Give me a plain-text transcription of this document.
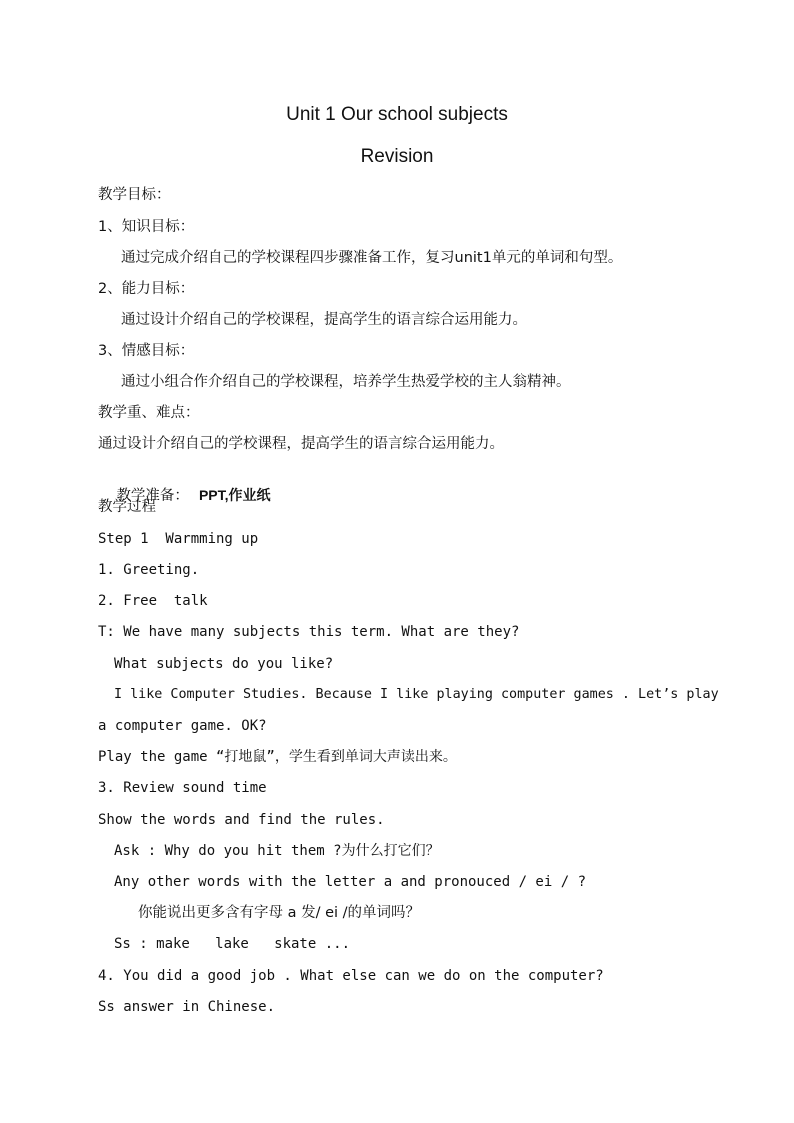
Unit 1 Our school subjects
Revision
教学目标：
1、知识目标：
通过完成介绍自己的学校课程四步骤准备工作，复习unit1单元的单词和句型。
2、能力目标：
通过设计介绍自己的学校课程，提高学生的语言综合运用能力。
3、情感目标：
通过小组合作介绍自己的学校课程，培养学生热爱学校的主人翁精神。
教学重、难点：
通过设计介绍自己的学校课程，提高学生的语言综合运用能力。

教学准备： PPT,作业纸

教学过程
Step 1  Warmming up
1. Greeting.
2. Free  talk
T: We have many subjects this term. What are they?
What subjects do you like?
I like Computer Studies. Because I like playing computer games . Let’s play
a computer game. OK?
Play the game “打地鼠”，学生看到单词大声读出来。
3. Review sound time
Show the words and find the rules.
Ask : Why do you hit them ?为什么打它们？
Any other words with the letter a and pronouced / ei / ?
你能说出更多含有字母 a 发/ ei /的单词吗？
Ss : make   lake   skate ...
4. You did a good job . What else can we do on the computer?
Ss answer in Chinese.
